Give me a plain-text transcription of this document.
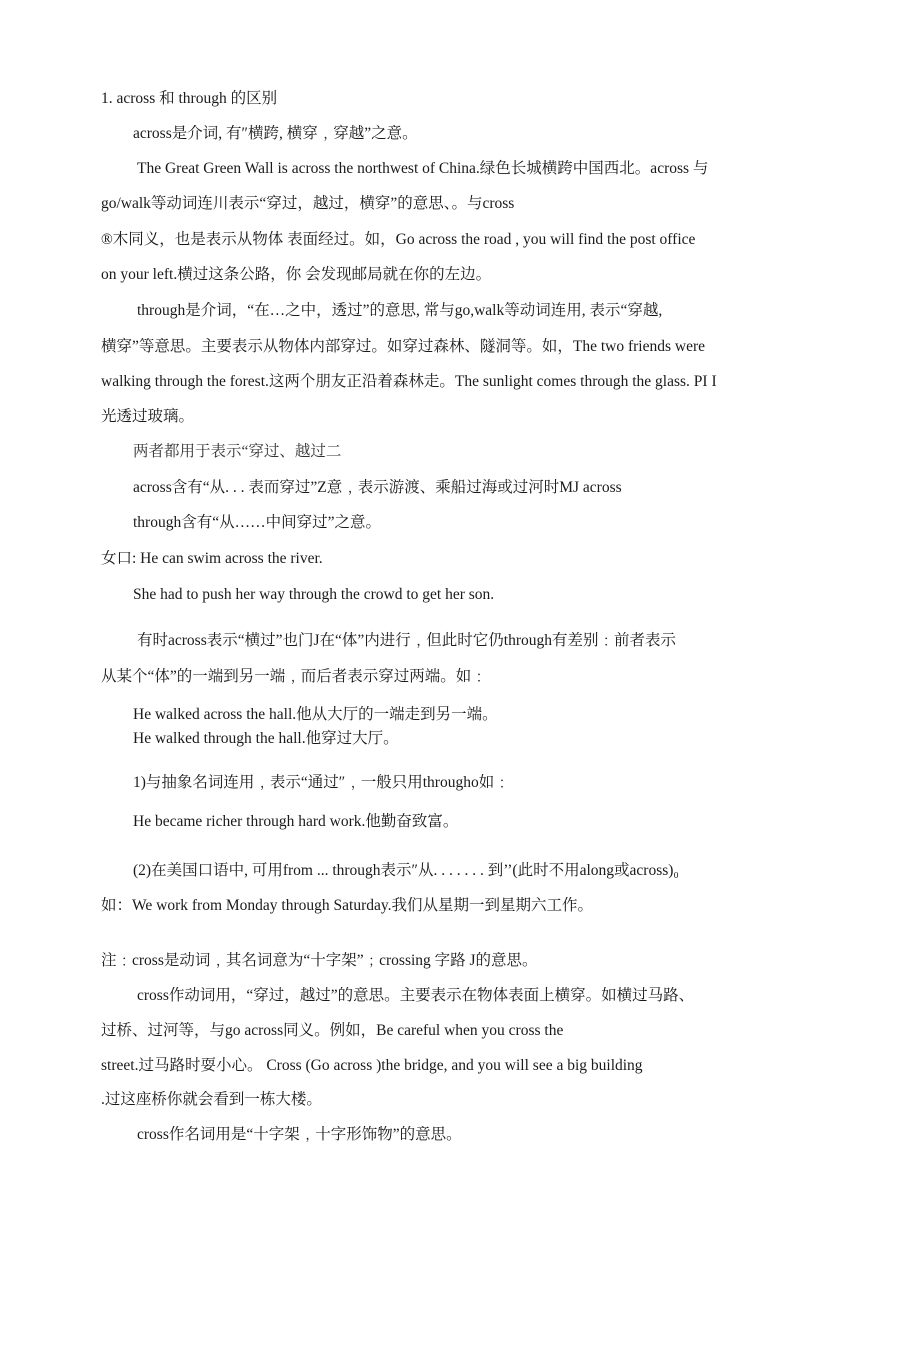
1. across 和 through 的区别
across是介词, 有″横跨, 横穿﹐穿越”之意。
The Great Green Wall is across the northwest of China.绿色长城横跨中国西北。across 与
go/walk等动词连川表示“穿过，越过，横穿”的意思、。与cross
®木同义，也是表示从物体 表面经过。如，Go across the road , you will find the post office
on your left.横过这条公路，你 会发现邮局就在你的左边。
through是介词，“在…之中，透过”的意思, 常与go,walk等动词连用, 表示“穿越,
横穿”等意思。主要表示从物体内部穿过。如穿过森林、隧洞等。如，The two friends were
walking through the forest.这两个朋友正沿着森林走。The sunlight comes through the glass. PI I
光透过玻璃。
两者都用于表示“穿过、越过二
across含有“从. . . 表而穿过”Z意﹐表示游渡、乘船过海或过河时MJ across
through含有“从……中间穿过”之意。
女口: He can swim across the river.
She had to push her way through the crowd to get her son.
有时across表示“横过”也门J在“体”内进行﹐但此时它仍through有差别﹕前者表示
从某个“体”的一端到另一端﹐而后者表示穿过两端。如﹕
He walked across the hall.他从大厅的一端走到另一端。
He walked through the hall.他穿过大厅。
1)与抽象名词连用﹐表示“通过″﹐一般只用througho如﹕
He became richer through hard work.他勤奋致富。
(2)在美国口语中, 可用from ... through表示″从. . . . . . . 到’’(此时不用along或across)₀
如：We work from Monday through Saturday.我们从星期一到星期六工作。
注﹕cross是动词﹐其名词意为“十字架”﹔crossing 字路 J的意思。
cross作动词用，“穿过，越过”的意思。主要表示在物体表面上横穿。如横过马路、
过桥、过河等，与go across同义。例如，Be careful when you cross the
street.过马路时耍小心。 Cross (Go across )the bridge, and you will see a big building
.过这座桥你就会看到一栋大楼。
cross作名词用是“十字架﹐十字形饰物”的意思。
